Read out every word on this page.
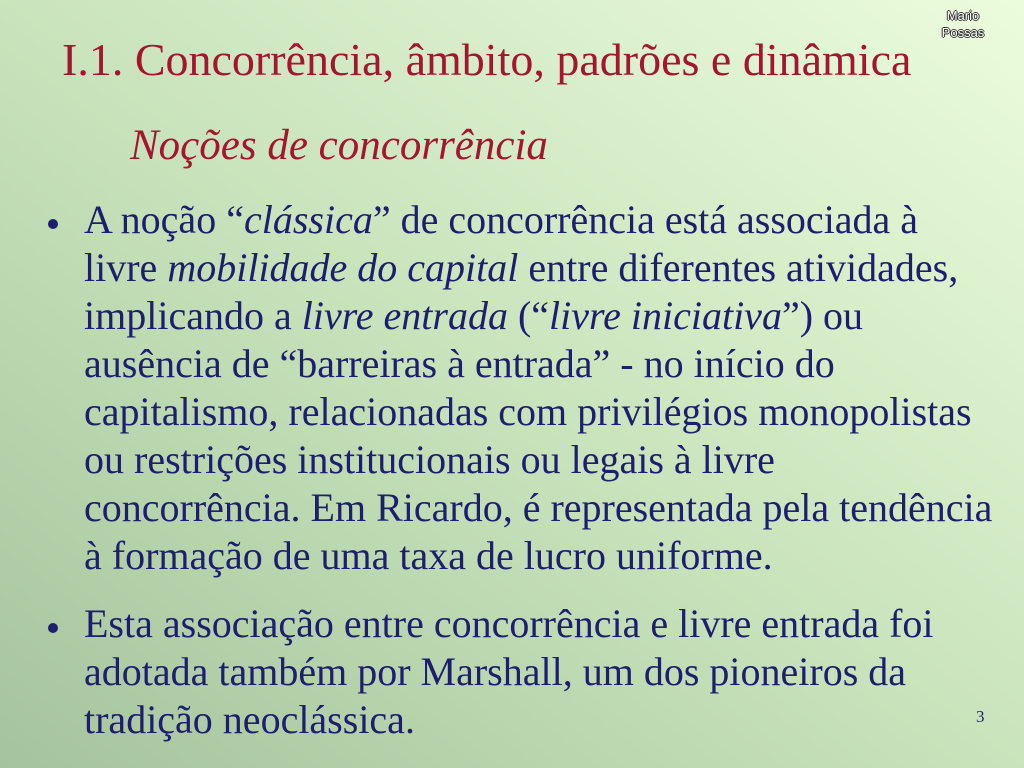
Mario Possas
I.1. Concorrência, âmbito, padrões e dinâmica
Noções de concorrência
A noção “clássica” de concorrência está associada à
livre mobilidade do capital entre diferentes atividades,
implicando a livre entrada (“livre iniciativa”) ou
ausência de “barreiras à entrada” - no início do
capitalismo, relacionadas com privilégios monopolistas
ou restrições institucionais ou legais à livre
concorrência. Em Ricardo, é representada pela tendência
à formação de uma taxa de lucro uniforme.
Esta associação entre concorrência e livre entrada foi
adotada também por Marshall, um dos pioneiros da
tradição neoclássica.	3
